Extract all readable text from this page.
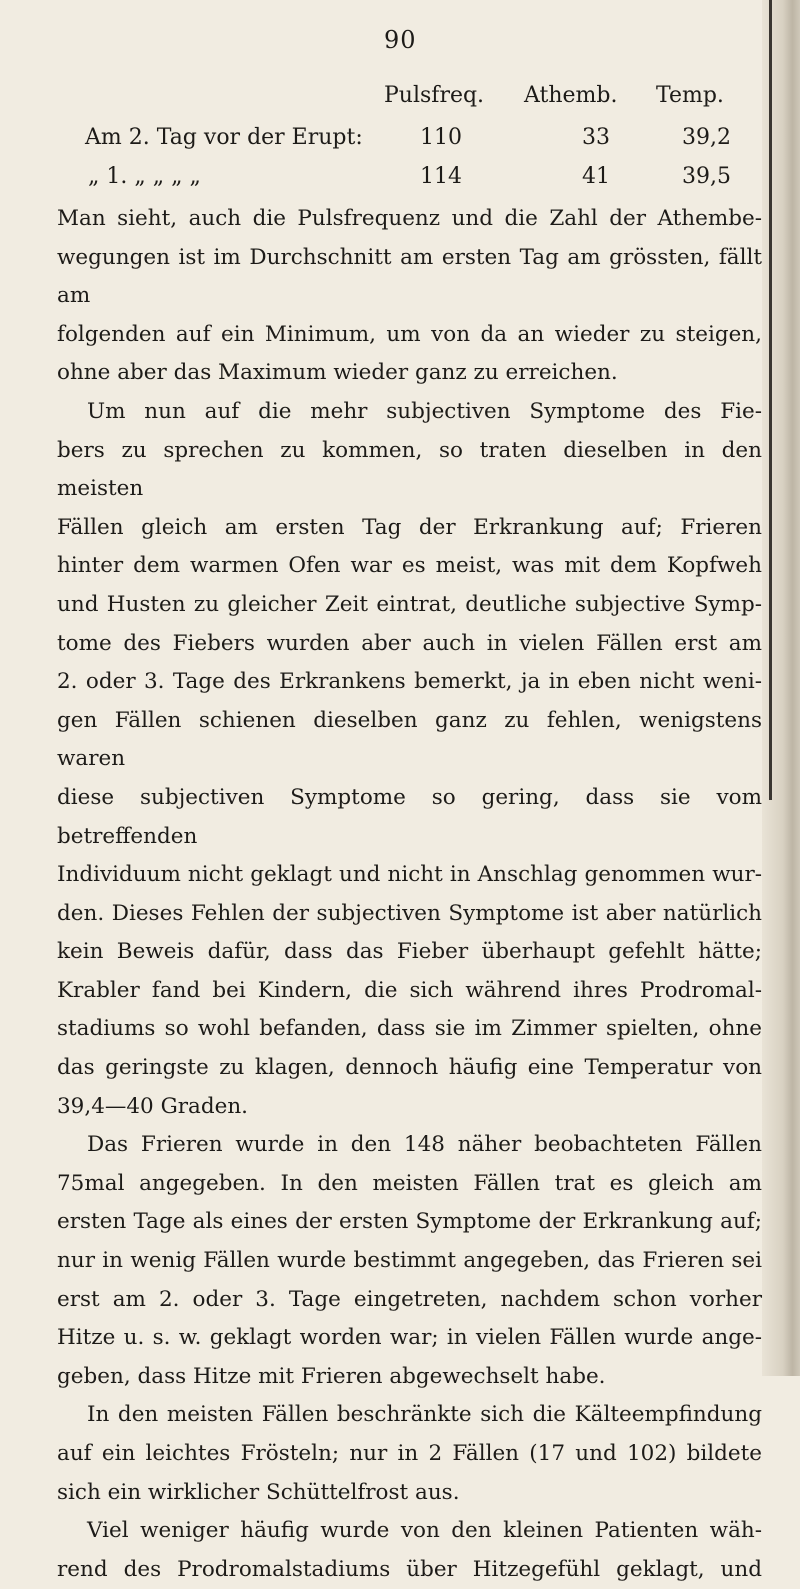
90
Pulsfreq. Athemb. Temp.
Am 2. Tag vor der Erupt:	110	33	39,2
„ 1. „ „ „ „	114	41	39,5

Man sieht, auch die Pulsfrequenz und die Zahl der Athembe-

wegungen ist im Durchschnitt am ersten Tag am grössten, fällt am

folgenden auf ein Minimum, um von da an wieder zu steigen,

ohne aber das Maximum wieder ganz zu erreichen.

Um nun auf die mehr subjectiven Symptome des Fie-

bers zu sprechen zu kommen, so traten dieselben in den meisten

Fällen gleich am ersten Tag der Erkrankung auf; Frieren

hinter dem warmen Ofen war es meist, was mit dem Kopfweh

und Husten zu gleicher Zeit eintrat, deutliche subjective Symp-

tome des Fiebers wurden aber auch in vielen Fällen erst am

2. oder 3. Tage des Erkrankens bemerkt, ja in eben nicht weni-

gen Fällen schienen dieselben ganz zu fehlen, wenigstens waren

diese subjectiven Symptome so gering, dass sie vom betreffenden

Individuum nicht geklagt und nicht in Anschlag genommen wur-

den. Dieses Fehlen der subjectiven Symptome ist aber natürlich

kein Beweis dafür, dass das Fieber überhaupt gefehlt hätte;

Krabler fand bei Kindern, die sich während ihres Prodromal-

stadiums so wohl befanden, dass sie im Zimmer spielten, ohne

das geringste zu klagen, dennoch häufig eine Temperatur von

39,4—40 Graden.

Das Frieren wurde in den 148 näher beobachteten Fällen

75mal angegeben. In den meisten Fällen trat es gleich am

ersten Tage als eines der ersten Symptome der Erkrankung auf;

nur in wenig Fällen wurde bestimmt angegeben, das Frieren sei

erst am 2. oder 3. Tage eingetreten, nachdem schon vorher

Hitze u. s. w. geklagt worden war; in vielen Fällen wurde ange-

geben, dass Hitze mit Frieren abgewechselt habe.

In den meisten Fällen beschränkte sich die Kälteempfindung

auf ein leichtes Frösteln; nur in 2 Fällen (17 und 102) bildete

sich ein wirklicher Schüttelfrost aus.

Viel weniger häufig wurde von den kleinen Patienten wäh-

rend des Prodromalstadiums über Hitzegefühl geklagt, und
